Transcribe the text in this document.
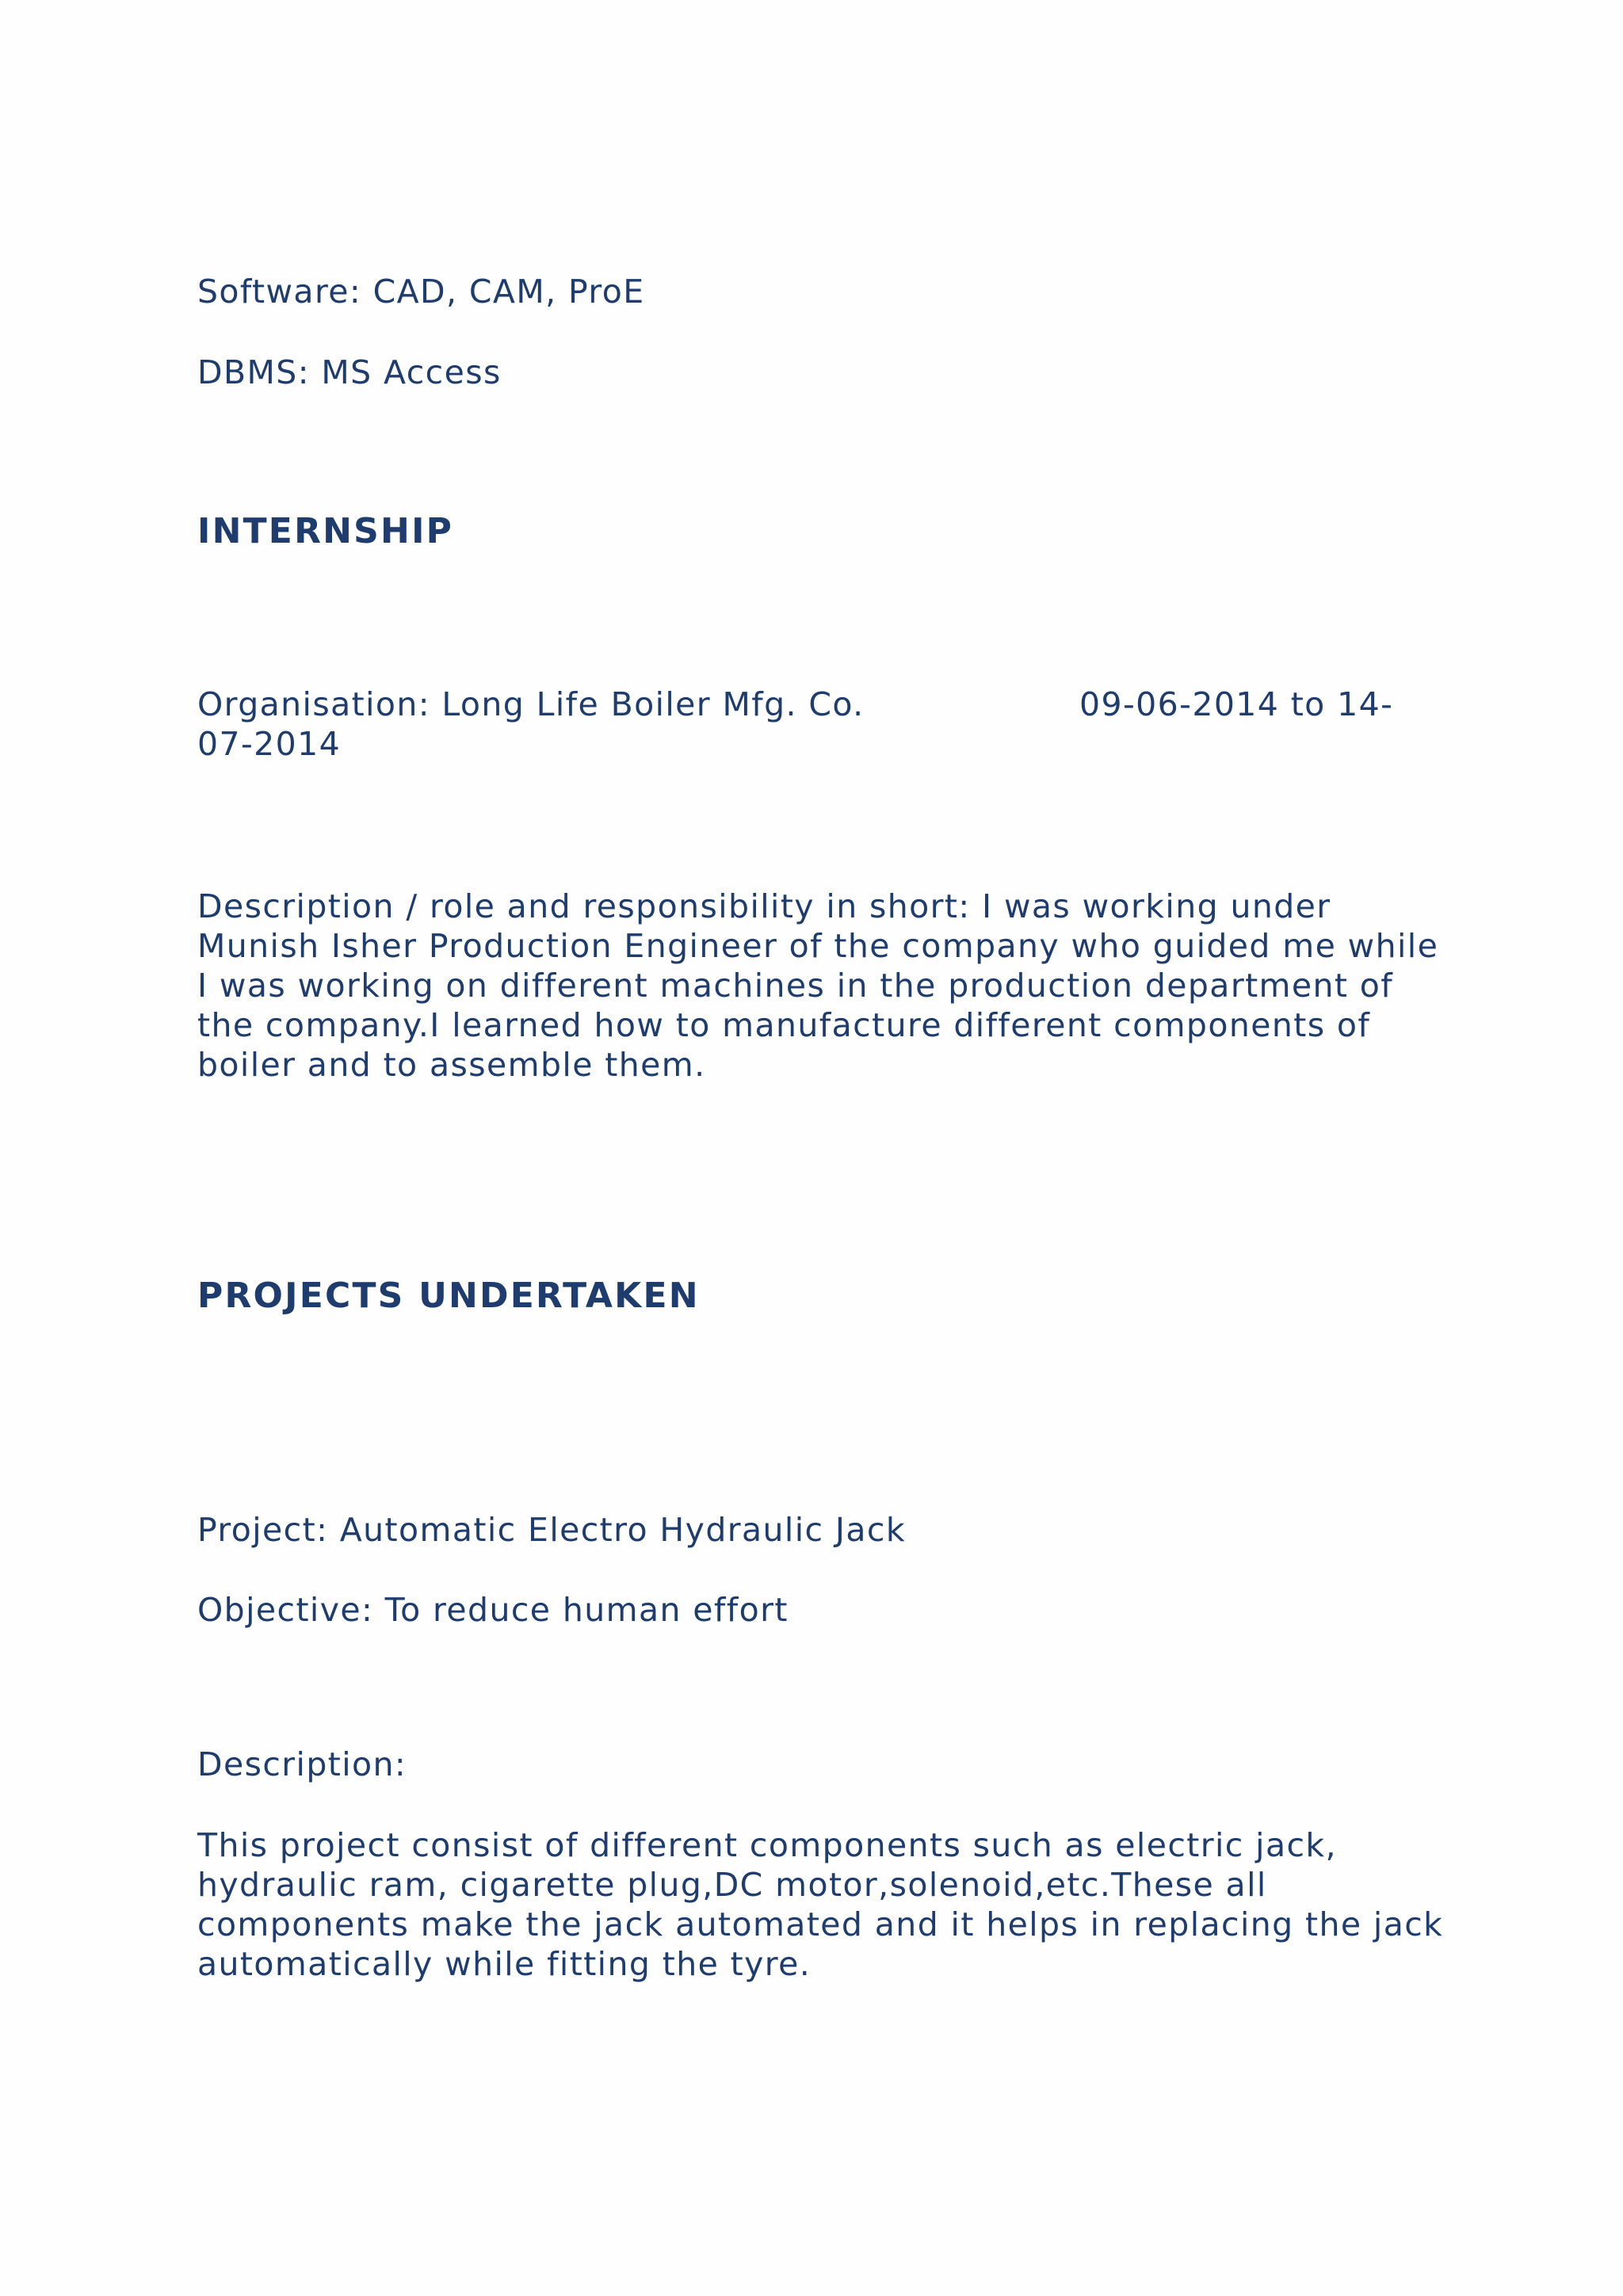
Software: CAD, CAM, ProE
DBMS: MS Access
INTERNSHIP
Organisation: Long Life Boiler Mfg. Co.	09-06-2014 to 14-
07-2014
Description / role and responsibility in short: I was working under
Munish Isher Production Engineer of the company who guided me while
I was working on different machines in the production department of
the company.I learned how to manufacture different components of
boiler and to assemble them.
PROJECTS UNDERTAKEN
Project: Automatic Electro Hydraulic Jack
Objective: To reduce human effort
Description:
This project consist of different components such as electric jack,
hydraulic ram, cigarette plug,DC motor,solenoid,etc.These all
components make the jack automated and it helps in replacing the jack
automatically while fitting the tyre.
